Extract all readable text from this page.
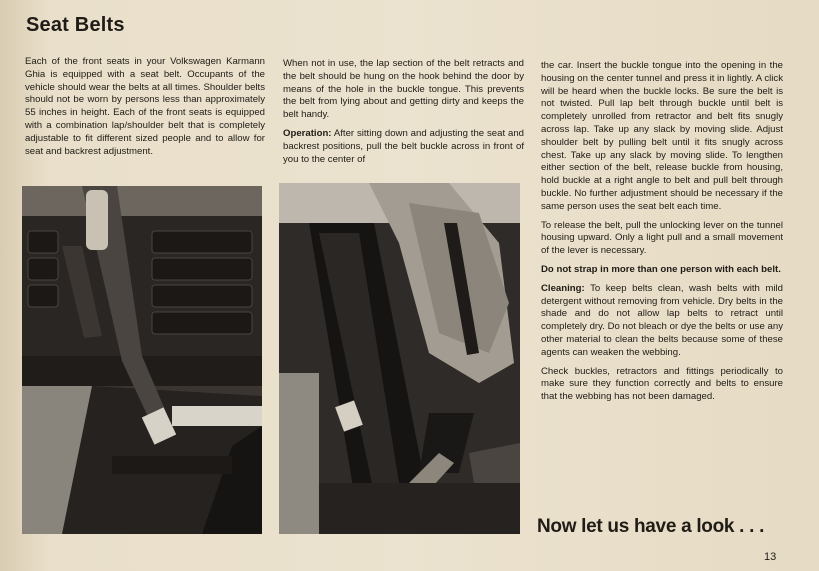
Seat Belts

Each of the front seats in your Volkswagen Karmann Ghia is equipped with a seat belt. Occupants of the vehicle should wear the belts at all times. Shoulder belts should not be worn by persons less than approximately 55 inches in height. Each of the front seats is equipped with a combination lap/shoulder belt that is completely adjustable to fit different sized people and to allow for seat and backrest adjustment.

When not in use, the lap section of the belt retracts and the belt should be hung on the hook behind the door by means of the hole in the buckle tongue. This prevents the belt from lying about and getting dirty and keeps the belt handy.

Operation: After sitting down and adjusting the seat and backrest positions, pull the belt buckle across in front of you to the center of

the car. Insert the buckle tongue into the opening in the housing on the center tunnel and press it in lightly. A click will be heard when the buckle locks. Be sure the belt is not twisted. Pull lap belt through buckle until belt is completely unrolled from retractor and belt fits snugly across lap. Take up any slack by moving slide. Adjust shoulder belt by pulling belt until it fits snugly across chest. Take up any slack by moving slide. To lengthen either section of the belt, release buckle from housing, hold buckle at a right angle to belt and pull belt through buckle. No further adjustment should be necessary if the same person uses the seat belt each time.

To release the belt, pull the unlocking lever on the tunnel housing upward. Only a light pull and a small movement of the lever is necessary.

Do not strap in more than one person with each belt.

Cleaning: To keep belts clean, wash belts with mild detergent without removing from vehicle. Dry belts in the shade and do not allow lap belts to retract until completely dry. Do not bleach or dye the belts or use any other material to clean the belts because some of these agents can weaken the webbing.

Check buckles, retractors and fittings periodically to make sure they function correctly and belts to ensure that the webbing has not been damaged.

Now let us have a look . . .
13
